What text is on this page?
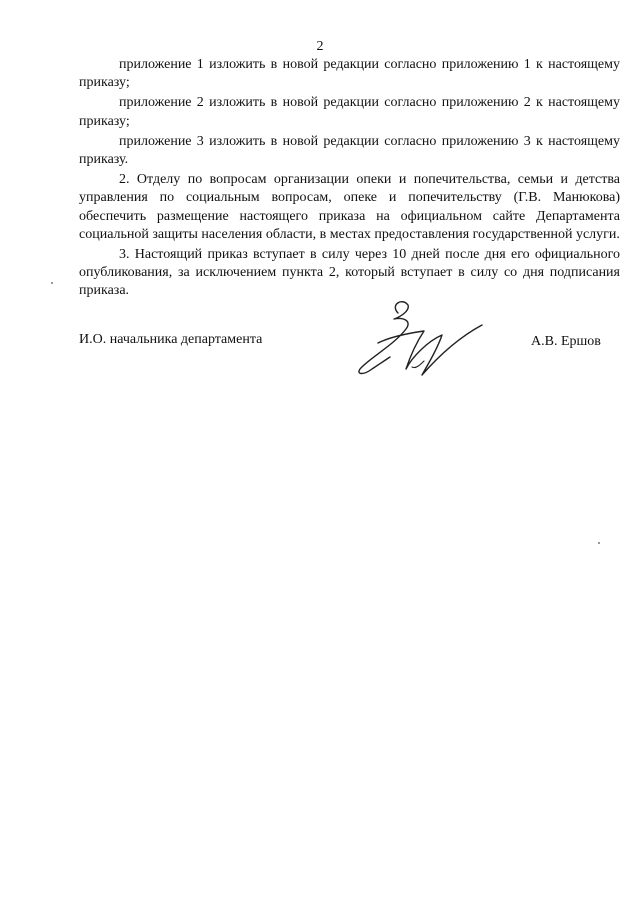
2

приложение 1 изложить в новой редакции согласно приложению 1 к настоящему приказу;

приложение 2 изложить в новой редакции согласно приложению 2 к настоящему приказу;

приложение 3 изложить в новой редакции согласно приложению 3 к настоящему приказу.

2. Отделу по вопросам организации опеки и попечительства, семьи и детства управления по социальным вопросам, опеке и попечительству (Г.В. Манюкова) обеспечить размещение настоящего приказа на официальном сайте Департамента социальной защиты населения области, в местах предоставления государственной услуги.

3. Настоящий приказ вступает в силу через 10 дней после дня его официального опубликования, за исключением пункта 2, который вступает в силу со дня подписания приказа.

И.О. начальника департамента	А.В. Ершов
